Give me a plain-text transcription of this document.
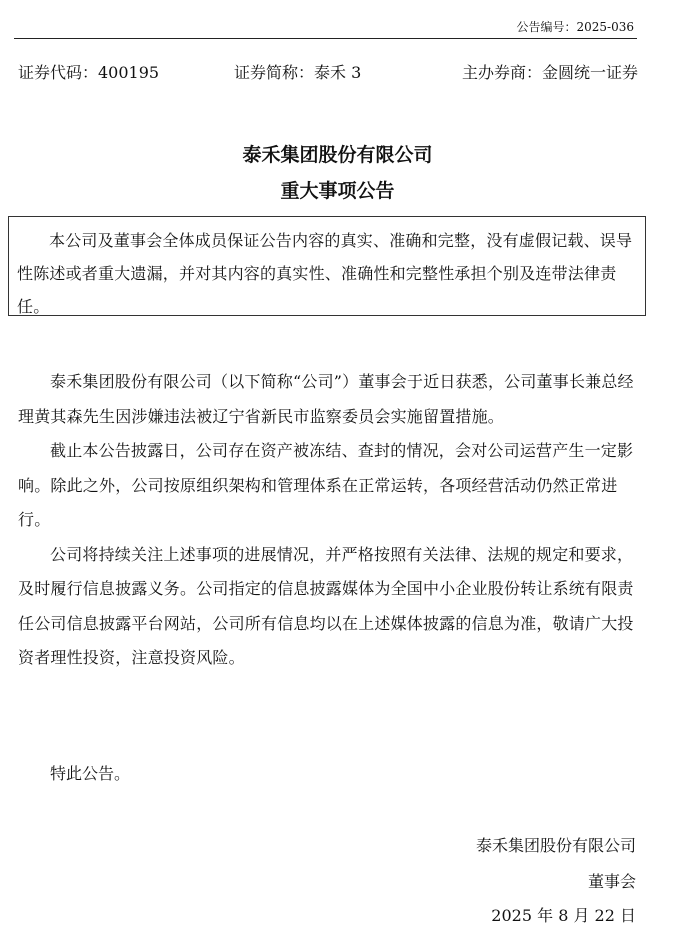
公告编号：2025-036
证券代码：400195	证券简称：泰禾 3	主办券商：金圆统一证券
泰禾集团股份有限公司
重大事项公告
本公司及董事会全体成员保证公告内容的真实、准确和完整，没有虚假记载、误导性陈述或者重大遗漏，并对其内容的真实性、准确性和完整性承担个别及连带法律责任。

泰禾集团股份有限公司（以下简称“公司”）董事会于近日获悉，公司董事长兼总经理黄其森先生因涉嫌违法被辽宁省新民市监察委员会实施留置措施。

截止本公告披露日，公司存在资产被冻结、查封的情况，会对公司运营产生一定影响。除此之外，公司按原组织架构和管理体系在正常运转，各项经营活动仍然正常进行。

公司将持续关注上述事项的进展情况，并严格按照有关法律、法规的规定和要求，及时履行信息披露义务。公司指定的信息披露媒体为全国中小企业股份转让系统有限责任公司信息披露平台网站，公司所有信息均以在上述媒体披露的信息为准，敬请广大投资者理性投资，注意投资风险。

特此公告。
泰禾集团股份有限公司
董事会
2025 年 8 月 22 日
